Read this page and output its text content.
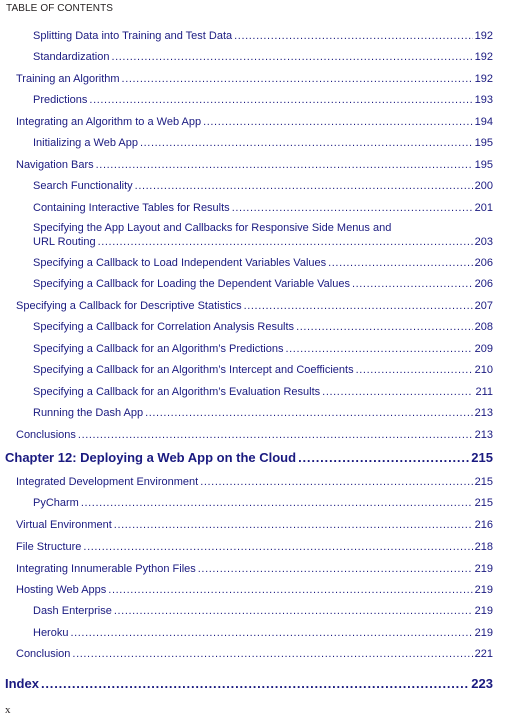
TABLE OF CONTENTS
Splitting Data into Training and Test Data .....	192
Standardization .....	192
Training an Algorithm .....	192
Predictions .....	193
Integrating an Algorithm to a Web App .....	194
Initializing a Web App .....	195
Navigation Bars .....	195
Search Functionality .....	200
Containing Interactive Tables for Results .....	201
Specifying the App Layout and Callbacks for Responsive Side Menus and
URL Routing .....	203
Specifying a Callback to Load Independent Variables Values .....	206
Specifying a Callback for Loading the Dependent Variable Values .....	206
Specifying a Callback for Descriptive Statistics .....	207
Specifying a Callback for Correlation Analysis Results .....	208
Specifying a Callback for an Algorithm’s Predictions .....	209
Specifying a Callback for an Algorithm’s Intercept and Coefficients .....	210
Specifying a Callback for an Algorithm’s Evaluation Results .....	211
Running the Dash App .....	213
Conclusions .....	213
Chapter 12: Deploying a Web App on the Cloud .....	215
Integrated Development Environment .....	215
PyCharm .....	215
Virtual Environment .....	216
File Structure .....	218
Integrating Innumerable Python Files .....	219
Hosting Web Apps .....	219
Dash Enterprise .....	219
Heroku .....	219
Conclusion .....	221
Index .....	223
x
